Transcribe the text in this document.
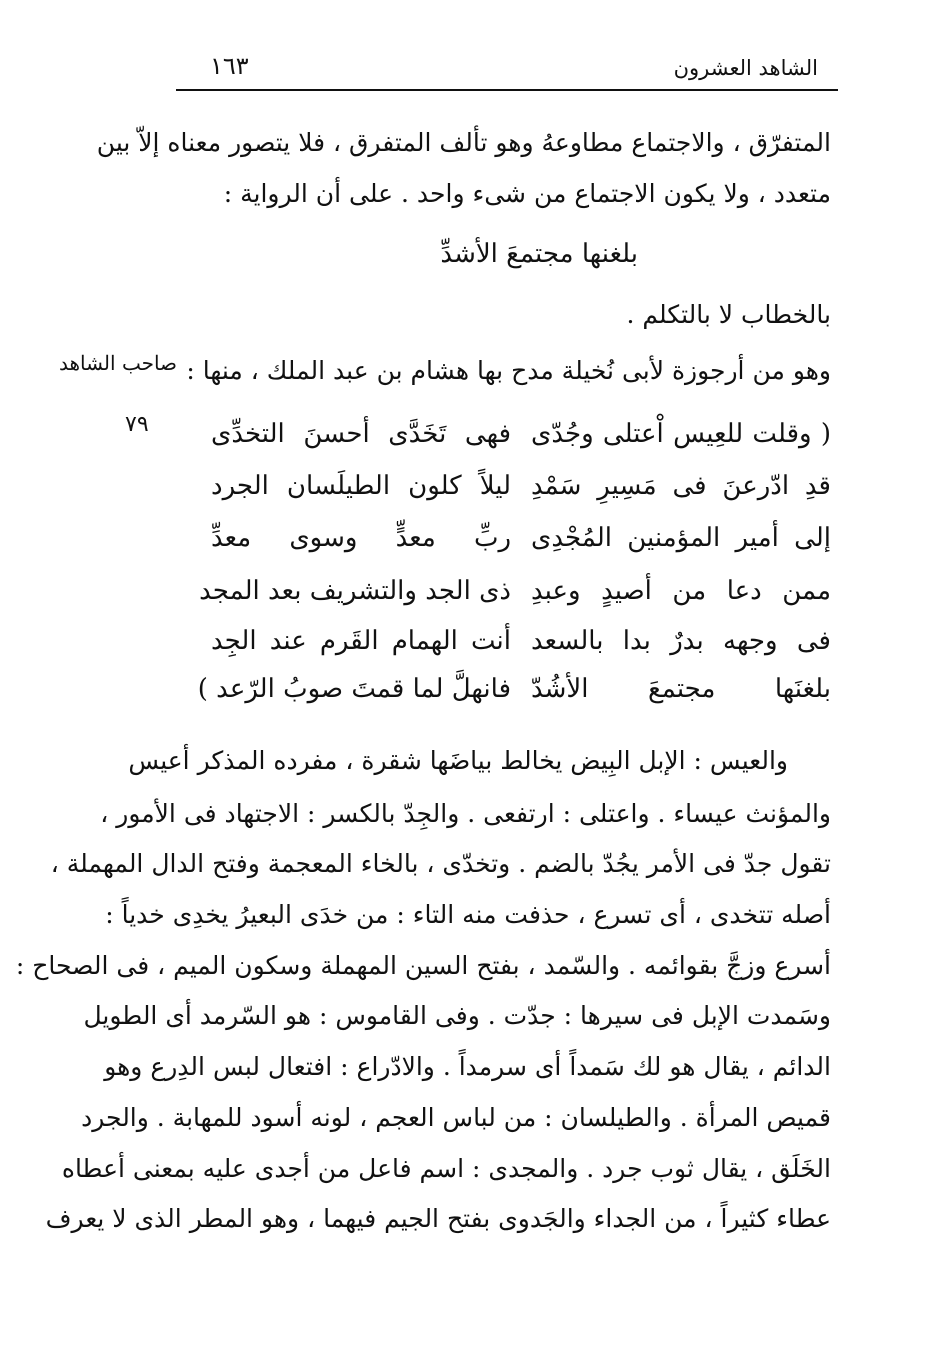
الشاهد العشرون
١٦٣
المتفرّق ، والاجتماع مطاوعهُ وهو تألف المتفرق ، فلا يتصور معناه إلاّ بين
متعدد ، ولا يكون الاجتماع من شىء واحد . على أن الرواية :
بلغنها مجتمعَ الأشدِّ
بالخطاب لا بالتكلم .
وهو من أرجوزة لأبى نُخيلة مدح بها هشام بن عبد الملك ، منها :
صاحب الشاهد
٧٩	( وقلت للعِيس اْعتلى وجُدّى
فهى تَخَدَّى أحسنَ التخدِّى
قدِ ادّرعنَ فى مَسِيرِ سَمْدِ
ليلاً كلون الطيلَسان الجرد
إلى أمير المؤمنين المُجْدِى
ربِّ معدٍّ وسوى معدِّ
ممن دعا من أصيدٍ وعبدِ
ذى الجد والتشريف بعد المجد
فى وجهه بدرٌ بدا بالسعد
أنت الهمام القَرم عند الجِد
بلغنَها مجتمعَ الأشُدّ
فانهلَّ لما قمتَ صوبُ الرّعد )
والعيس : الإبل البِيض يخالط بياضَها شقرة ، مفرده المذكر أعيس
والمؤنث عيساء . واعتلى : ارتفعى . والجِدّ بالكسر : الاجتهاد فى الأمور ،
تقول جدّ فى الأمر يجُدّ بالضم . وتخدّى ، بالخاء المعجمة وفتح الدال المهملة ،
أصله تتخدى ، أى تسرع ، حذفت منه التاء : من خدَى البعيرُ يخدِى خدياً :
أسرع وزجَّ بقوائمه . والسّمد ، بفتح السين المهملة وسكون الميم ، فى الصحاح :
وسَمدت الإبل فى سيرها : جدّت . وفى القاموس : هو السّرمد أى الطويل
الدائم ، يقال هو لك سَمداً أى سرمداً . والادّراع : افتعال لبس الدِرع وهو
قميص المرأة . والطيلسان : من لباس العجم ، لونه أسود للمهابة . والجرد
الخَلَق ، يقال ثوب جرد . والمجدى : اسم فاعل من أجدى عليه بمعنى أعطاه
عطاء كثيراً ، من الجداء والجَدوى بفتح الجيم فيهما ، وهو المطر الذى لا يعرف
